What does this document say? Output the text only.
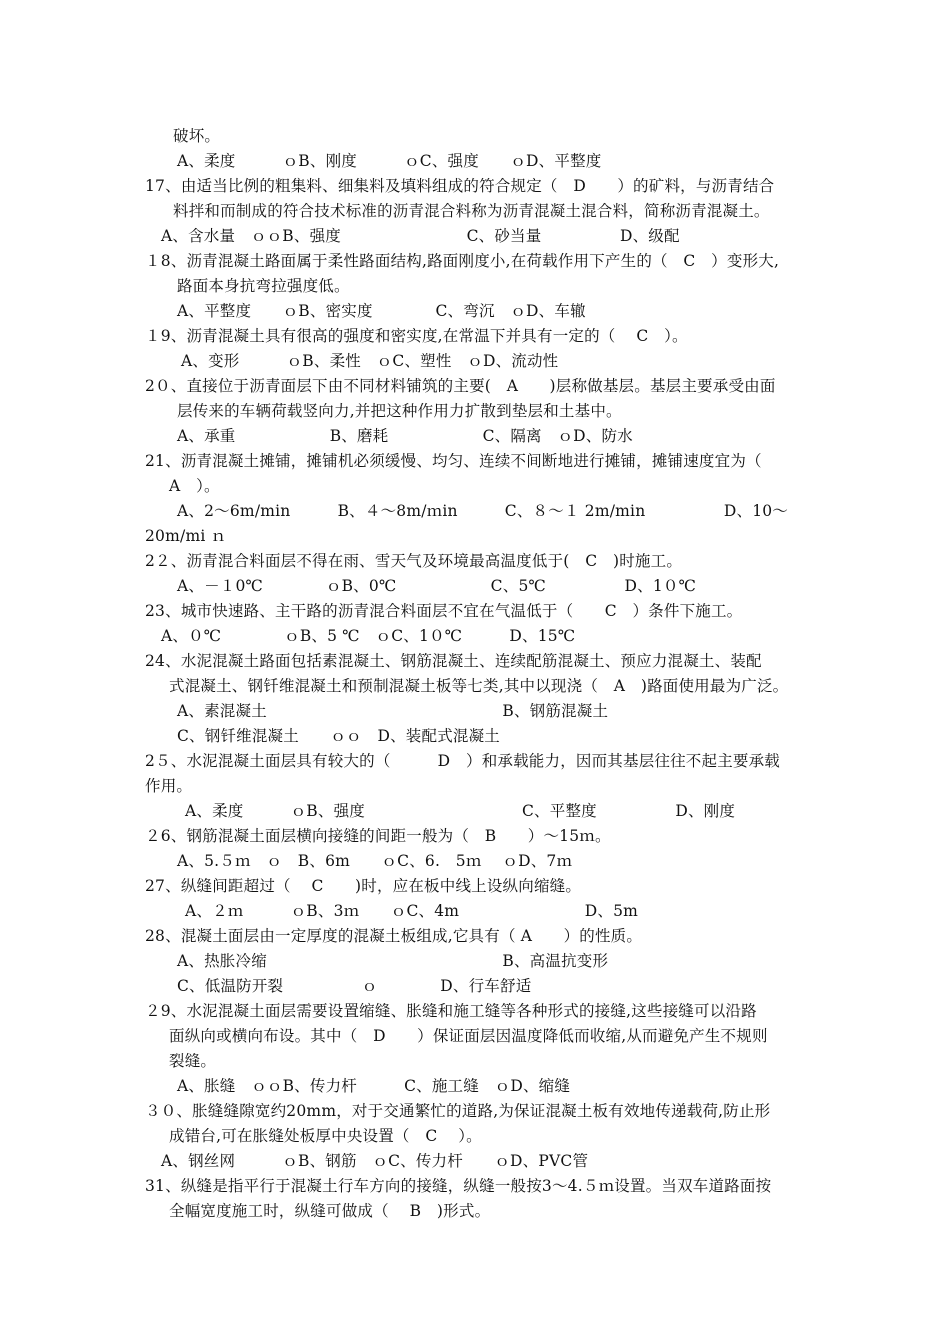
破坏。
A、柔度　　　ｏB、刚度　　　ｏC、强度　　ｏD、平整度
17、由适当比例的粗集料、细集料及填料组成的符合规定（　D　　）的矿料，与沥青结合
料拌和而制成的符合技术标准的沥青混合料称为沥青混凝土混合料，简称沥青混凝土。
A、含水量　ｏｏB、强度　　　　　　　　C、砂当量　　　　　D、级配
１8、沥青混凝土路面属于柔性路面结构,路面刚度小,在荷载作用下产生的（　C　）变形大,
路面本身抗弯拉强度低。
A、平整度　　ｏB、密实度　　　　C、弯沉　ｏD、车辙
１9、沥青混凝土具有很高的强度和密实度,在常温下并具有一定的（　 C　）。
A、变形　　　ｏB、柔性　ｏC、塑性　ｏD、流动性
2０、直接位于沥青面层下由不同材料铺筑的主要(　A　　)层称做基层。基层主要承受由面
层传来的车辆荷载竖向力,并把这种作用力扩散到垫层和土基中。
A、承重　　　　　　B、磨耗　　　　　　C、隔离　ｏD、防水
21、沥青混凝土摊铺，摊铺机必须缓慢、均匀、连续不间断地进行摊铺，摊铺速度宜为（
A　）。
A、2～6m/min　　　B、４～8m/ｍin　　　C、８～１ 2m/min　　　　　D、10～
20m/mi ｎ
2２、沥青混合料面层不得在雨、雪天气及环境最高温度低于(　C　)时施工。
A、－１0℃　　　　ｏB、0℃　　　　　　C、5℃　　　　　D、1０℃
23、城市快速路、主干路的沥青混合料面层不宜在气温低于（　　C　）条件下施工。
A、０℃　　　　ｏB、5 ℃　ｏC、1０℃　　　D、15℃
24、水泥混凝土路面包括素混凝土、钢筋混凝土、连续配筋混凝土、预应力混凝土、装配
式混凝土、钢钎维混凝土和预制混凝土板等七类,其中以现浇（　A　)路面使用最为广泛。
A、素混凝土　　　　　　　　　　　　　　　B、钢筋混凝土
C、钢钎维混凝土　　ｏｏ　D、装配式混凝土
2５、水泥混凝土面层具有较大的（　　　D　）和承载能力，因而其基层往往不起主要承载
作用。
A、柔度　　　ｏB、强度　　　　　　　　　　C、平整度　　　　　D、刚度
２6、钢筋混凝土面层横向接缝的间距一般为（　B　　）～15ｍ。
A、5.５ｍ　ｏ　B、6m　　ｏC、6.　5ｍ　 ｏD、7ｍ
27、纵缝间距超过（　 C　　)时，应在板中线上设纵向缩缝。
A、２ｍ　　　ｏB、3ｍ　　ｏC、4m　　　　　　　　D、5m
28、混凝土面层由一定厚度的混凝土板组成,它具有（ A　　）的性质。
A、热胀冷缩　　　　　　　　　　　　　　　B、高温抗变形
C、低温防开裂　　　　　ｏ　　　　D、行车舒适
２9、水泥混凝土面层需要设置缩缝、胀缝和施工缝等各种形式的接缝,这些接缝可以沿路
面纵向或横向布设。其中（　D　　）保证面层因温度降低而收缩,从而避免产生不规则
裂缝。
A、胀缝　ｏｏB、传力杆　　　C、施工缝　ｏD、缩缝
３０、胀缝缝隙宽约20mm，对于交通繁忙的道路,为保证混凝土板有效地传递载荷,防止形
成错台,可在胀缝处板厚中央设置（　C　 ）。
A、钢丝网　　　ｏB、钢筋　ｏC、传力杆　　ｏD、PVC管
31、纵缝是指平行于混凝土行车方向的接缝，纵缝一般按3～4.５ｍ设置。当双车道路面按
全幅宽度施工时，纵缝可做成（　 B　)形式。
